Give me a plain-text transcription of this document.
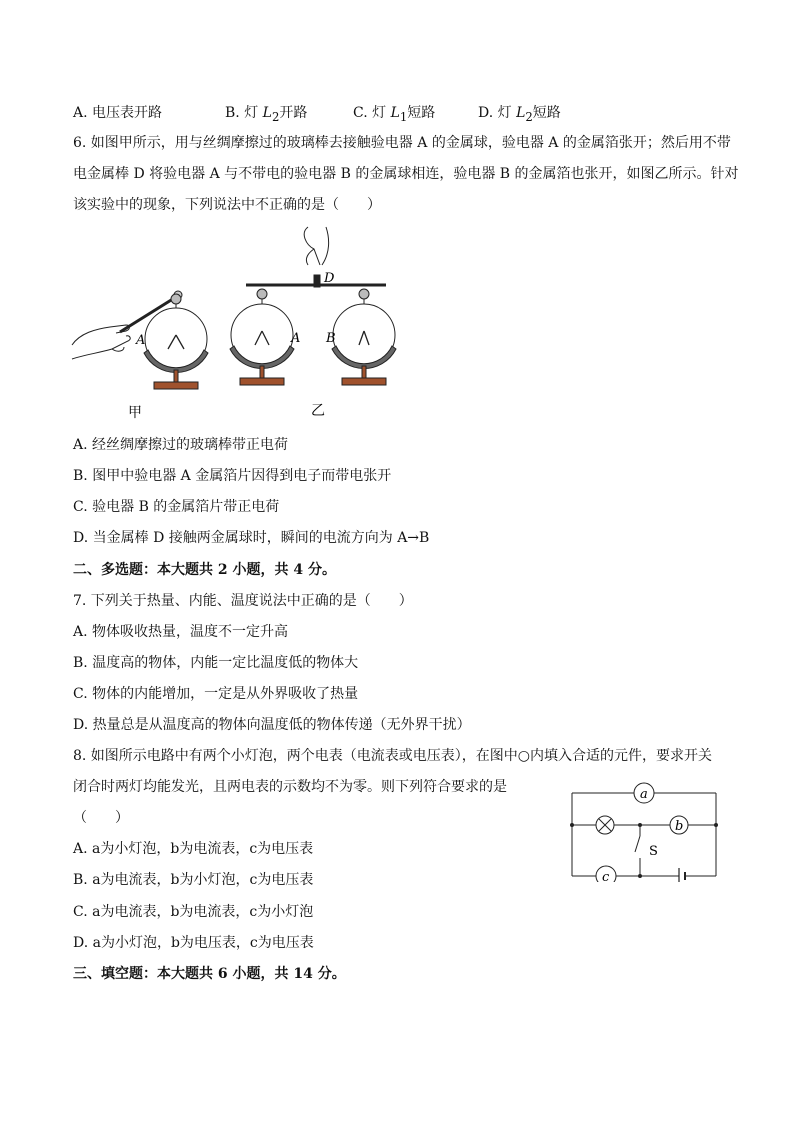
A. 电压表开路	B. 灯 $L_2$开路	C. 灯 $L_1$短路	D. 灯 $L_2$短路
6. 如图甲所示，用与丝绸摩擦过的玻璃棒去接触验电器 A 的金属球，验电器 A 的金属箔张开；然后用不带
电金属棒 D 将验电器 A 与不带电的验电器 B 的金属球相连，验电器 B 的金属箔也张开，如图乙所示。针对
该实验中的现象，下列说法中不正确的是（　　）
A
甲
D
A B
乙
A. 经丝绸摩擦过的玻璃棒带正电荷
B. 图甲中验电器 A 金属箔片因得到电子而带电张开
C. 验电器 B 的金属箔片带正电荷
D. 当金属棒 D 接触两金属球时，瞬间的电流方向为 A→B
二、多选题：本大题共 2 小题，共 4 分。
7. 下列关于热量、内能、温度说法中正确的是（　　）
A. 物体吸收热量，温度不一定升高
B. 温度高的物体，内能一定比温度低的物体大
C. 物体的内能增加，一定是从外界吸收了热量
D. 热量总是从温度高的物体向温度低的物体传递（无外界干扰）
8. 如图所示电路中有两个小灯泡，两个电表（电流表或电压表），在图中○内填入合适的元件，要求开关
闭合时两灯均能发光，且两电表的示数均不为零。则下列符合要求的是
（　　）
a
b
c
S
A. a为小灯泡，b为电流表，c为电压表
B. a为电流表，b为小灯泡，c为电压表
C. a为电流表，b为电流表，c为小灯泡
D. a为小灯泡，b为电压表，c为电压表
三、填空题：本大题共 6 小题，共 14 分。
